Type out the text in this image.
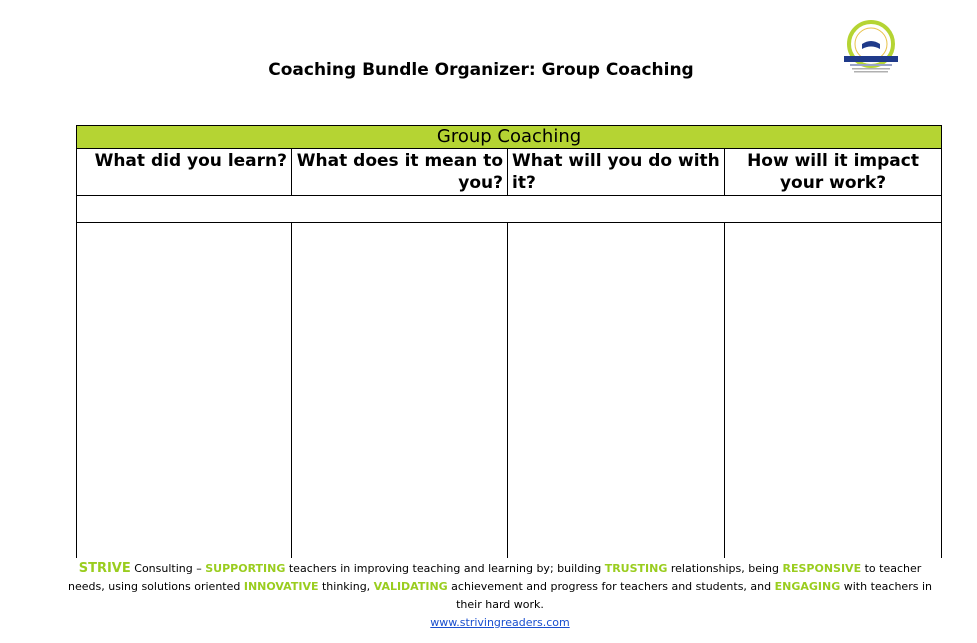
Coaching Bundle Organizer: Group Coaching
Group Coaching			
What did you learn?	What does it mean to you?	What will you do with it?	How will it impact your work?

STRIVE Consulting – SUPPORTING teachers in improving teaching and learning by; building TRUSTING relationships, being RESPONSIVE to teacher needs, using solutions oriented INNOVATIVE thinking, VALIDATING achievement and progress for teachers and students, and ENGAGING with teachers in their hard work.
www.strivingreaders.com
